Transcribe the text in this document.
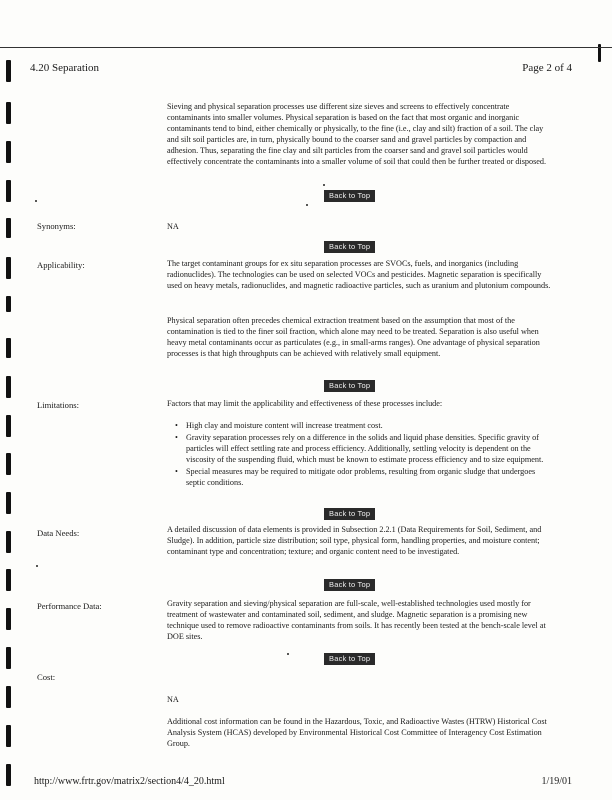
4.20 Separation	Page 2 of 4
Sieving and physical separation processes use different size sieves and screens to effectively concentrate contaminants into smaller volumes. Physical separation is based on the fact that most organic and inorganic contaminants tend to bind, either chemically or physically, to the fine (i.e., clay and silt) fraction of a soil. The clay and silt soil particles are, in turn, physically bound to the coarser sand and gravel particles by compaction and adhesion. Thus, separating the fine clay and silt particles from the coarser sand and gravel soil particles would effectively concentrate the contaminants into a smaller volume of soil that could then be further treated or disposed.
Back to Top
Synonyms:	NA
Back to Top
Applicability:	The target contaminant groups for ex situ separation processes are SVOCs, fuels, and inorganics (including radionuclides). The technologies can be used on selected VOCs and pesticides. Magnetic separation is specifically used on heavy metals, radionuclides, and magnetic radioactive particles, such as uranium and plutonium compounds.
Physical separation often precedes chemical extraction treatment based on the assumption that most of the contamination is tied to the finer soil fraction, which alone may need to be treated. Separation is also useful when heavy metal contaminants occur as particulates (e.g., in small-arms ranges). One advantage of physical separation processes is that high throughputs can be achieved with relatively small equipment.
Back to Top
Limitations:	Factors that may limit the applicability and effectiveness of these processes include:
• High clay and moisture content will increase treatment cost.
• Gravity separation processes rely on a difference in the solids and liquid phase densities. Specific gravity of particles will effect settling rate and process efficiency. Additionally, settling velocity is dependent on the viscosity of the suspending fluid, which must be known to estimate process efficiency and to size equipment.
• Special measures may be required to mitigate odor problems, resulting from organic sludge that undergoes septic conditions.
Back to Top
Data Needs:	A detailed discussion of data elements is provided in Subsection 2.2.1 (Data Requirements for Soil, Sediment, and Sludge). In addition, particle size distribution; soil type, physical form, handling properties, and moisture content; contaminant type and concentration; texture; and organic content need to be investigated.
Back to Top
Performance Data:	Gravity separation and sieving/physical separation are full-scale, well-established technologies used mostly for treatment of wastewater and contaminated soil, sediment, and sludge. Magnetic separation is a promising new technique used to remove radioactive contaminants from soils. It has recently been tested at the bench-scale level at DOE sites.
Back to Top
Cost:
NA
Additional cost information can be found in the Hazardous, Toxic, and Radioactive Wastes (HTRW) Historical Cost Analysis System (HCAS) developed by Environmental Historical Cost Committee of Interagency Cost Estimation Group.
http://www.frtr.gov/matrix2/section4/4_20.html	1/19/01
